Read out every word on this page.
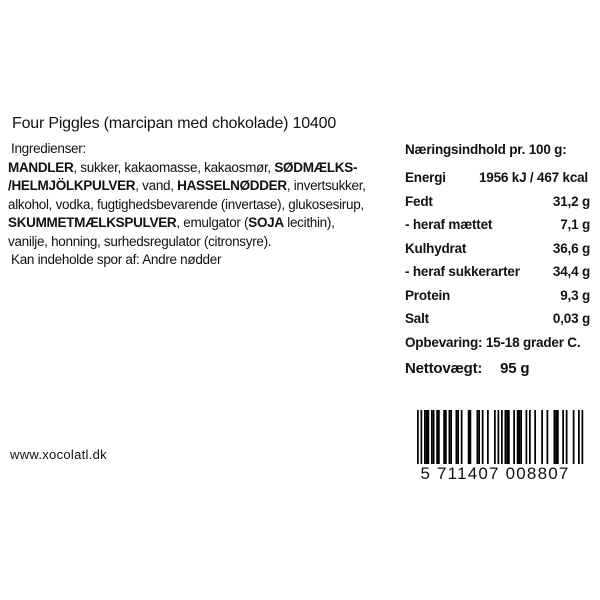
Four Piggles (marcipan med chokolade) 10400
Ingredienser:
MANDLER, sukker, kakaomasse, kakaosmør, SØDMÆLKS-
/HELMJÖLKPULVER, vand, HASSELNØDDER, invertsukker,
alkohol, vodka, fugtighedsbevarende (invertase), glukosesirup,
SKUMMETMÆLKSPULVER, emulgator (SOJA lecithin),
vanilje, honning, surhedsregulator (citronsyre).
Kan indeholde spor af: Andre nødder
Næringsindhold pr. 100 g:
Energi 1956 kJ / 467 kcal
Fedt	31,2 g
- heraf mættet	7,1 g
Kulhydrat	36,6 g
- heraf sukkerarter 34,4 g
Protein	9,3 g
Salt	0,03 g
Opbevaring: 15-18 grader C.
Nettovægt: 95 g
www.xocolatl.dk
5 711407 008807
